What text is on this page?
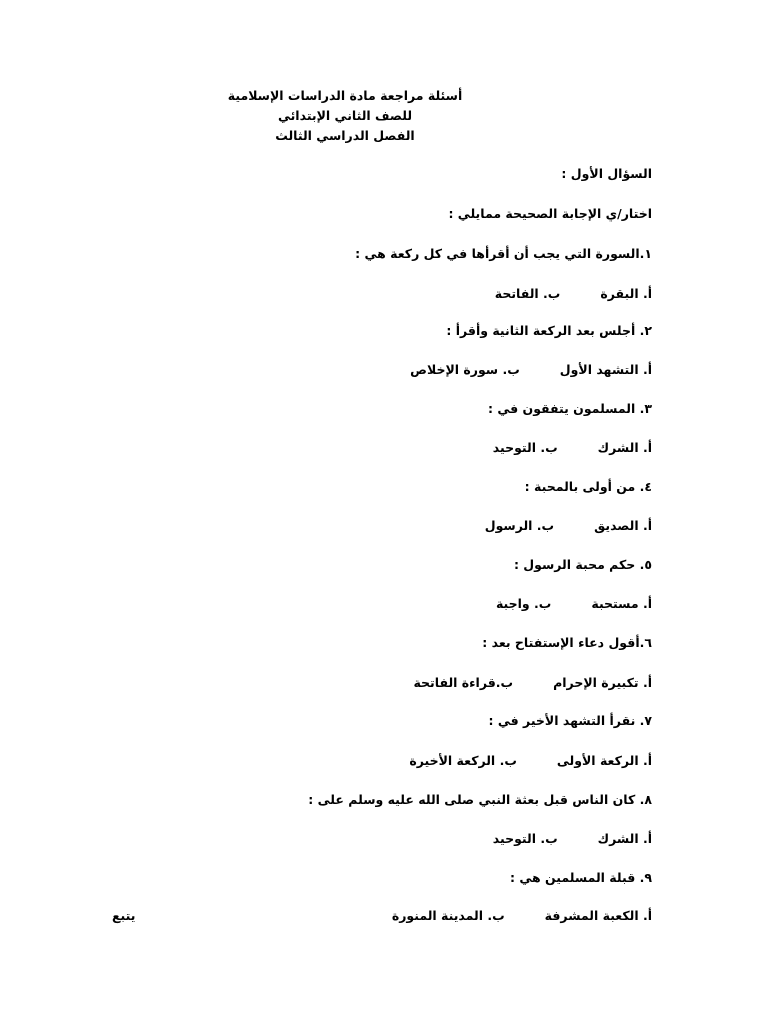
أسئلة مراجعة مادة الدراسات الإسلامية
للصف الثاني الإبتدائي
الفصل الدراسي الثالث
السؤال الأول :
اختار/ي الإجابة الصحيحة ممايلي :
١.السورة التي يجب أن أقرأها في كل ركعة هي :
أ. البقرةب. الفاتحة
٢. أجلس بعد الركعة الثانية وأقرأ :
أ. التشهد الأولب. سورة الإخلاص
٣. المسلمون يتفقون في :
أ. الشركب. التوحيد
٤. من أولى بالمحبة :
أ. الصديقب. الرسول
٥. حكم محبة الرسول :
أ. مستحبةب. واجبة
٦.أقول دعاء الإستفتاح بعد :
أ. تكبيرة الإحرامب.قراءة الفاتحة
٧. نقرأ التشهد الأخير في :
أ. الركعة الأولىب. الركعة الأخيرة
٨. كان الناس قبل بعثة النبي صلى الله عليه وسلم على :
أ. الشركب. التوحيد
٩. قبلة المسلمين هي :
أ. الكعبة المشرفةب. المدينة المنورة
يتبع
